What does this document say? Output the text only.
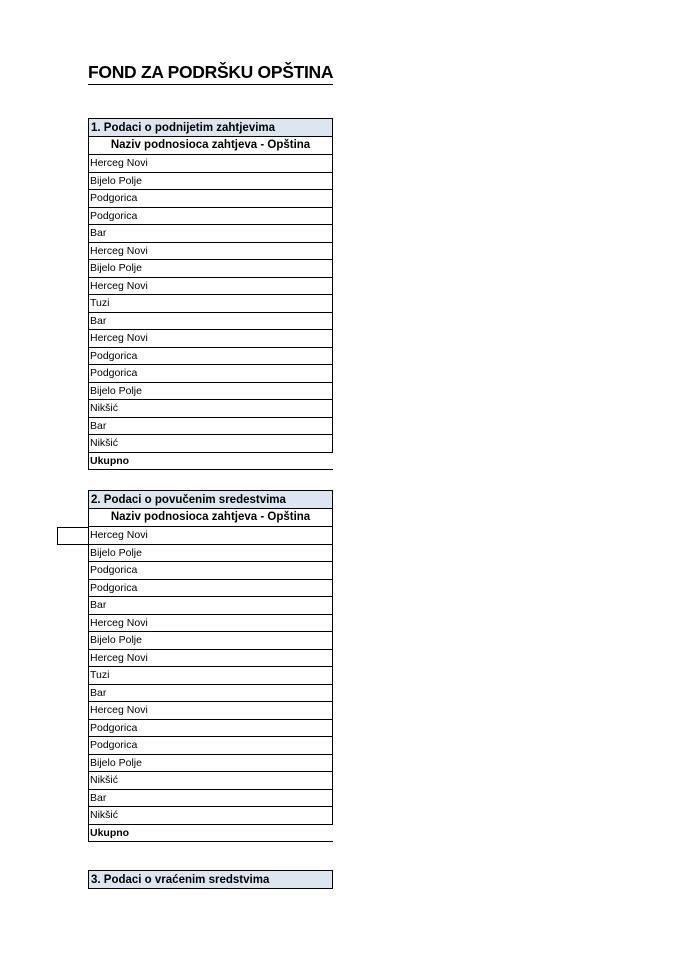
FOND ZA PODRŠKU OPŠTINA
1. Podaci o podnijetim zahtjevima
Naziv podnosioca zahtjeva - Opština
Herceg Novi
Bijelo Polje
Podgorica
Podgorica
Bar
Herceg Novi
Bijelo Polje
Herceg Novi
Tuzi
Bar
Herceg Novi
Podgorica
Podgorica
Bijelo Polje
Nikšić
Bar
Nikšić
Ukupno
2. Podaci o povučenim sredestvima
Naziv podnosioca zahtjeva - Opština
Herceg Novi
Bijelo Polje
Podgorica
Podgorica
Bar
Herceg Novi
Bijelo Polje
Herceg Novi
Tuzi
Bar
Herceg Novi
Podgorica
Podgorica
Bijelo Polje
Nikšić
Bar
Nikšić
Ukupno
3. Podaci o vraćenim sredstvima
